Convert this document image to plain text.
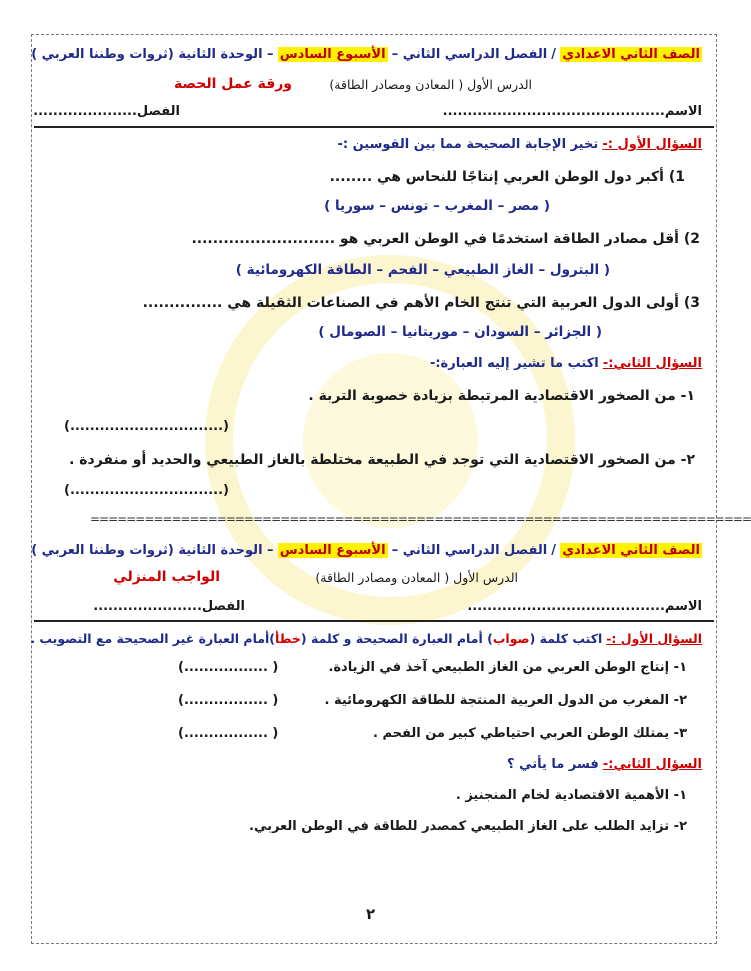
الصف الثاني الاعدادي / الفصل الدراسي الثاني – الأسبوع السادس – الوحدة الثانية (ثروات وطننا العربي )
الدرس الأول ( المعادن ومصادر الطاقة)
ورقة عمل الحصة
الاسم.............................................
الفصل.....................
السؤال الأول :- تخير الإجابة الصحيحة مما بين القوسين :-
1) أكبر دول الوطن العربي إنتاجًا للنحاس هي ........
( مصر – المغرب – تونس – سوريا )
2) أقل مصادر الطاقة استخدمًا في الوطن العربي هو ...........................
( البترول – الغاز الطبيعي – الفحم – الطاقة الكهرومائية )
3) أولى الدول العربية التي تنتج الخام الأهم في الصناعات الثقيلة هي ...............
( الجزائر – السودان – موريتانيا – الصومال )
السؤال الثاني:- اكتب ما تشير إليه العبارة:-
١- من الصخور الاقتصادية المرتبطة بزيادة خصوبة التربة .
(...............................)
٢- من الصخور الاقتصادية التي توجد في الطبيعة مختلطة بالغاز الطبيعي والحديد أو منفردة .
(...............................)
=========================================================================
الصف الثاني الاعدادي / الفصل الدراسي الثاني – الأسبوع السادس – الوحدة الثانية (ثروات وطننا العربي )
الدرس الأول ( المعادن ومصادر الطاقة)
الواجب المنزلي
الاسم........................................
الفصل......................
السؤال الأول :- اكتب كلمة (صواب) أمام العبارة الصحيحة و كلمة (خطأ)أمام العبارة غير الصحيحة مع التصويب .
١- إنتاج الوطن العربي من الغاز الطبيعي آخذ في الزيادة.
( .................)
٢- المغرب من الدول العربية المنتجة للطاقة الكهرومائية .
( .................)
٣- يمتلك الوطن العربي احتياطي كبير من الفحم .
( .................)
السؤال الثاني:- فسر ما يأتي ؟
١- الأهمية الاقتصادية لخام المنجنيز .
٢- تزايد الطلب على الغاز الطبيعي كمصدر للطاقة في الوطن العربي.
٢
